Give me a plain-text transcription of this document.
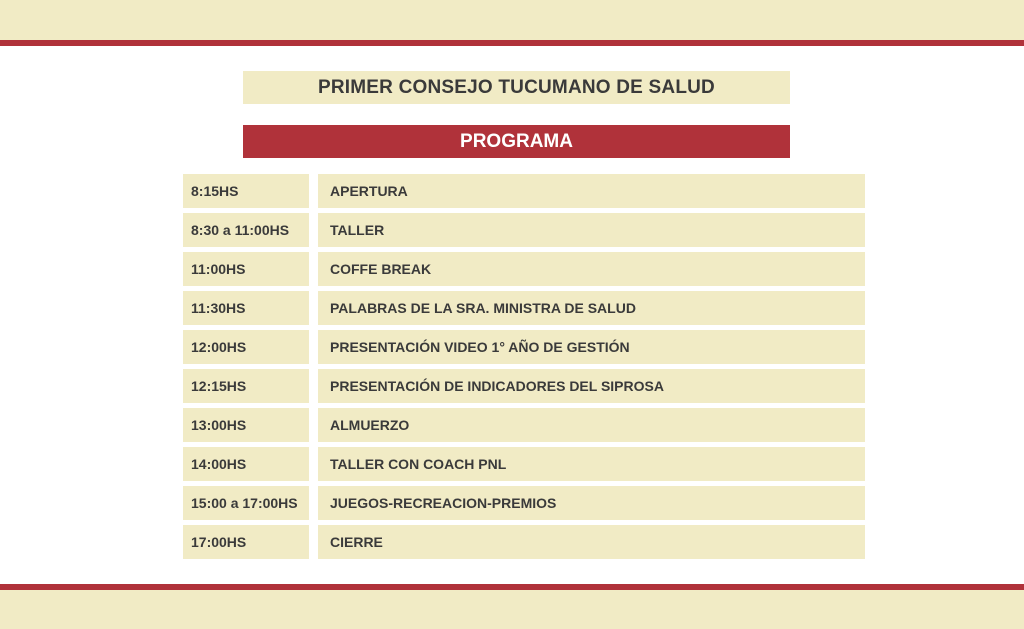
PRIMER CONSEJO TUCUMANO DE SALUD
PROGRAMA
8:15HS	APERTURA
8:30 a 11:00HS	TALLER
11:00HS	COFFE BREAK
11:30HS	PALABRAS DE LA SRA. MINISTRA DE SALUD
12:00HS	PRESENTACIÓN VIDEO 1° AÑO DE GESTIÓN
12:15HS	PRESENTACIÓN DE INDICADORES DEL SIPROSA
13:00HS	ALMUERZO
14:00HS	TALLER CON COACH PNL
15:00 a 17:00HS	JUEGOS-RECREACION-PREMIOS
17:00HS	CIERRE
